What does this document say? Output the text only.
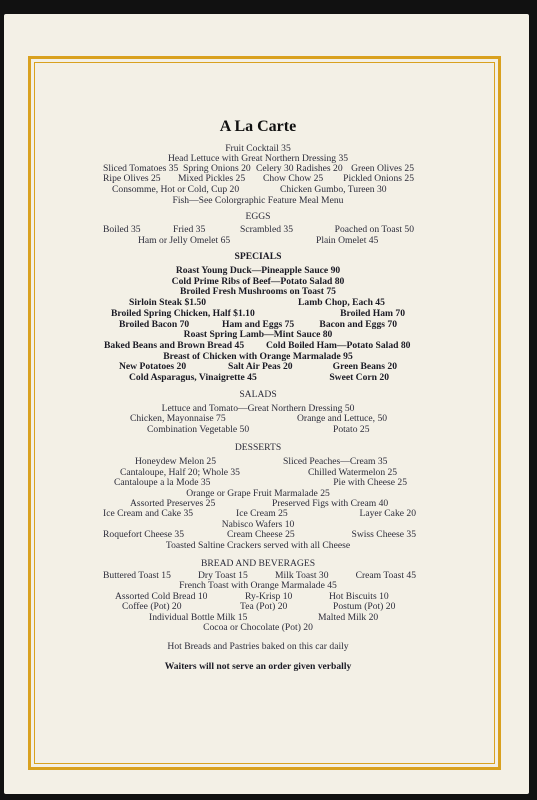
A La Carte
Fruit Cocktail 35
Head Lettuce with Great Northern Dressing 35
Sliced Tomatoes 35 Spring Onions 20 Celery 30 Radishes 20 Green Olives 25
Ripe Olives 25 Mixed Pickles 25 Chow Chow 25 Pickled Onions 25
Consomme, Hot or Cold, Cup 20	Chicken Gumbo, Tureen 30
Fish—See Colorgraphic Feature Meal Menu
EGGS
Boiled 35	Fried 35	Scrambled 35	Poached on Toast 50
Ham or Jelly Omelet 65	Plain Omelet 45
SPECIALS
Roast Young Duck—Pineapple Sauce 90
Cold Prime Ribs of Beef—Potato Salad 80
Broiled Fresh Mushrooms on Toast 75
Sirloin Steak $1.50	Lamb Chop, Each 45
Broiled Spring Chicken, Half $1.10	Broiled Ham 70
Broiled Bacon 70	Ham and Eggs 75	Bacon and Eggs 70
Roast Spring Lamb—Mint Sauce 80
Baked Beans and Brown Bread 45 Cold Boiled Ham—Potato Salad 80
Breast of Chicken with Orange Marmalade 95
New Potatoes 20	Salt Air Peas 20	Green Beans 20
Cold Asparagus, Vinaigrette 45	Sweet Corn 20
SALADS
Lettuce and Tomato—Great Northern Dressing 50
Chicken, Mayonnaise 75	Orange and Lettuce, 50
Combination Vegetable 50	Potato 25
DESSERTS
Honeydew Melon 25	Sliced Peaches—Cream 35
Cantaloupe, Half 20; Whole 35	Chilled Watermelon 25
Cantaloupe a la Mode 35	Pie with Cheese 25
Orange or Grape Fruit Marmalade 25
Assorted Preserves 25	Preserved Figs with Cream 40
Ice Cream and Cake 35	Ice Cream 25	Layer Cake 20
Nabisco Wafers 10
Roquefort Cheese 35	Cream Cheese 25	Swiss Cheese 35
Toasted Saltine Crackers served with all Cheese
BREAD AND BEVERAGES
Buttered Toast 15	Dry Toast 15	Milk Toast 30	Cream Toast 45
French Toast with Orange Marmalade 45
Assorted Cold Bread 10	Ry-Krisp 10	Hot Biscuits 10
Coffee (Pot) 20	Tea (Pot) 20	Postum (Pot) 20
Individual Bottle Milk 15	Malted Milk 20
Cocoa or Chocolate (Pot) 20
Hot Breads and Pastries baked on this car daily
Waiters will not serve an order given verbally
